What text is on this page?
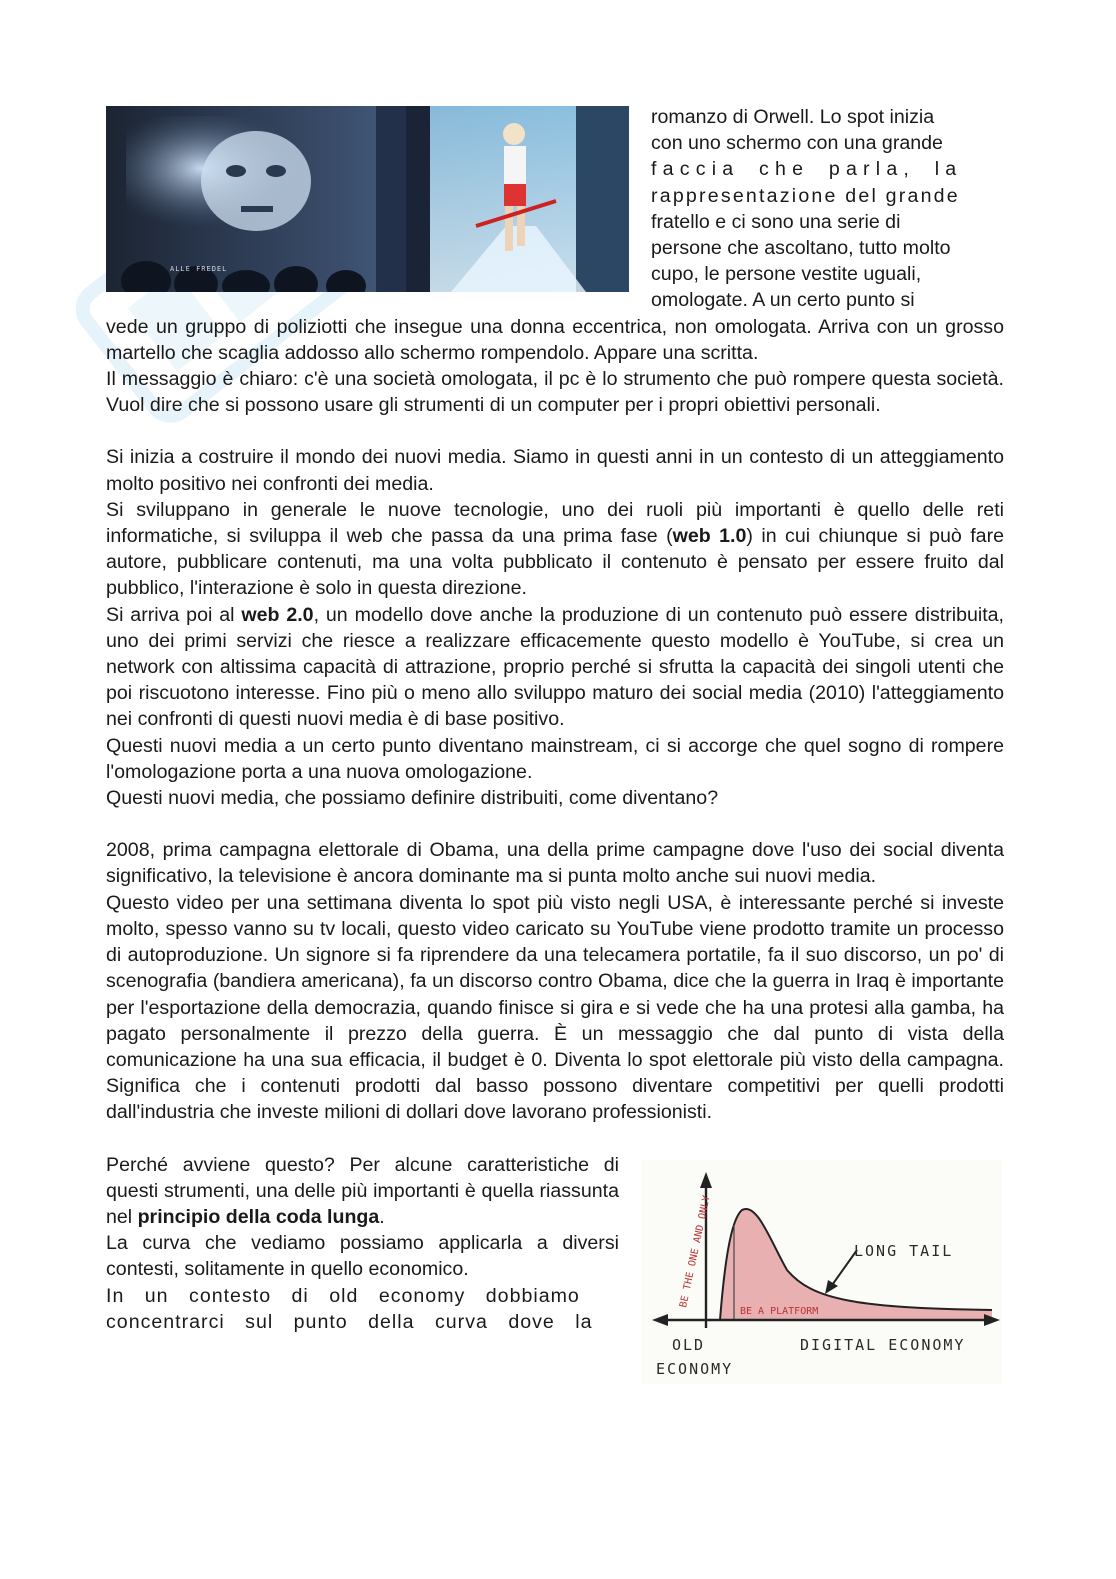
ALLE FREDEL
romanzo di Orwell. Lo spot inizia
con uno schermo con una grande
faccia che parla, la
rappresentazione del grande
fratello e ci sono una serie di
persone che ascoltano, tutto molto
cupo, le persone vestite uguali,
omologate. A un certo punto si

vede un gruppo di poliziotti che insegue una donna eccentrica, non omologata. Arriva con un grosso martello che scaglia addosso allo schermo rompendolo. Appare una scritta.

Il messaggio è chiaro: c'è una società omologata, il pc è lo strumento che può rompere questa società. Vuol dire che si possono usare gli strumenti di un computer per i propri obiettivi personali.

Si inizia a costruire il mondo dei nuovi media. Siamo in questi anni in un contesto di un atteggiamento molto positivo nei confronti dei media.

Si sviluppano in generale le nuove tecnologie, uno dei ruoli più importanti è quello delle reti informatiche, si sviluppa il web che passa da una prima fase (web 1.0) in cui chiunque si può fare autore, pubblicare contenuti, ma una volta pubblicato il contenuto è pensato per essere fruito dal pubblico, l'interazione è solo in questa direzione.

Si arriva poi al web 2.0, un modello dove anche la produzione di un contenuto può essere distribuita, uno dei primi servizi che riesce a realizzare efficacemente questo modello è YouTube, si crea un network con altissima capacità di attrazione, proprio perché si sfrutta la capacità dei singoli utenti che poi riscuotono interesse. Fino più o meno allo sviluppo maturo dei social media (2010) l'atteggiamento nei confronti di questi nuovi media è di base positivo.

Questi nuovi media a un certo punto diventano mainstream, ci si accorge che quel sogno di rompere l'omologazione porta a una nuova omologazione.

Questi nuovi media, che possiamo definire distribuiti, come diventano?

2008, prima campagna elettorale di Obama, una della prime campagne dove l'uso dei social diventa significativo, la televisione è ancora dominante ma si punta molto anche sui nuovi media.

Questo video per una settimana diventa lo spot più visto negli USA, è interessante perché si investe molto, spesso vanno su tv locali, questo video caricato su YouTube viene prodotto tramite un processo di autoproduzione. Un signore si fa riprendere da una telecamera portatile, fa il suo discorso, un po' di scenografia (bandiera americana), fa un discorso contro Obama, dice che la guerra in Iraq è importante per l'esportazione della democrazia, quando finisce si gira e si vede che ha una protesi alla gamba, ha pagato personalmente il prezzo della guerra. È un messaggio che dal punto di vista della comunicazione ha una sua efficacia, il budget è 0. Diventa lo spot elettorale più visto della campagna. Significa che i contenuti prodotti dal basso possono diventare competitivi per quelli prodotti dall'industria che investe milioni di dollari dove lavorano professionisti.

Perché avviene questo? Per alcune caratteristiche di questi strumenti, una delle più importanti è quella riassunta nel principio della coda lunga.

La curva che vediamo possiamo applicarla a diversi contesti, solitamente in quello economico.

In un contesto di old economy dobbiamo
concentrarci sul punto della curva dove la
BE THE ONE AND ONLY
BE A PLATFORM
LONG TAIL
OLD
ECONOMY
DIGITAL ECONOMY
